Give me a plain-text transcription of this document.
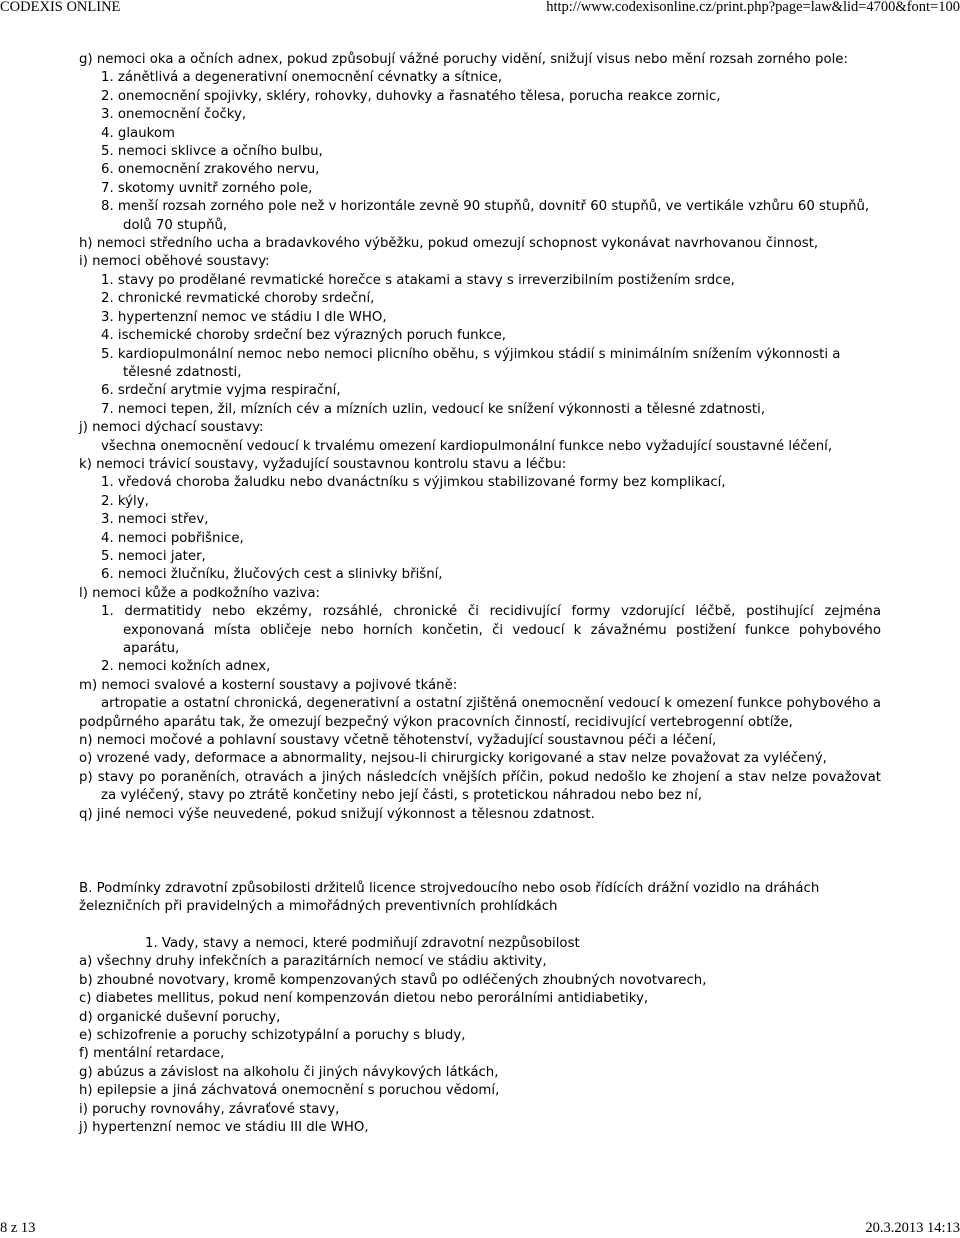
CODEXIS ONLINE	http://www.codexisonline.cz/print.php?page=law&lid=4700&font=100

g) nemoci oka a očních adnex, pokud způsobují vážné poruchy vidění, snižují visus nebo mění rozsah zorného pole:

1. zánětlivá a degenerativní onemocnění cévnatky a sítnice,

2. onemocnění spojivky, skléry, rohovky, duhovky a řasnatého tělesa, porucha reakce zornic,

3. onemocnění čočky,

4. glaukom

5. nemoci sklivce a očního bulbu,

6. onemocnění zrakového nervu,

7. skotomy uvnitř zorného pole,

8. menší rozsah zorného pole než v horizontále zevně 90 stupňů, dovnitř 60 stupňů, ve vertikále vzhůru 60 stupňů, dolů 70 stupňů,

h) nemoci středního ucha a bradavkového výběžku, pokud omezují schopnost vykonávat navrhovanou činnost,

i) nemoci oběhové soustavy:

1. stavy po prodělané revmatické horečce s atakami a stavy s irreverzibilním postižením srdce,

2. chronické revmatické choroby srdeční,

3. hypertenzní nemoc ve stádiu I dle WHO,

4. ischemické choroby srdeční bez výrazných poruch funkce,

5. kardiopulmonální nemoc nebo nemoci plicního oběhu, s výjimkou stádií s minimálním snížením výkonnosti a tělesné zdatnosti,

6. srdeční arytmie vyjma respirační,

7. nemoci tepen, žil, mízních cév a mízních uzlin, vedoucí ke snížení výkonnosti a tělesné zdatnosti,

j) nemoci dýchací soustavy:

všechna onemocnění vedoucí k trvalému omezení kardiopulmonální funkce nebo vyžadující soustavné léčení,

k) nemoci trávicí soustavy, vyžadující soustavnou kontrolu stavu a léčbu:

1. vředová choroba žaludku nebo dvanáctníku s výjimkou stabilizované formy bez komplikací,

2. kýly,

3. nemoci střev,

4. nemoci pobřišnice,

5. nemoci jater,

6. nemoci žlučníku, žlučových cest a slinivky břišní,

l) nemoci kůže a podkožního vaziva:

1. dermatitidy nebo ekzémy, rozsáhlé, chronické či recidivující formy vzdorující léčbě, postihující zejména exponovaná místa obličeje nebo horních končetin, či vedoucí k závažnému postižení funkce pohybového aparátu,

2. nemoci kožních adnex,

m) nemoci svalové a kosterní soustavy a pojivové tkáně:

artropatie a ostatní chronická, degenerativní a ostatní zjištěná onemocnění vedoucí k omezení funkce pohybového a podpůrného aparátu tak, že omezují bezpečný výkon pracovních činností, recidivující vertebrogenní obtíže,

n) nemoci močové a pohlavní soustavy včetně těhotenství, vyžadující soustavnou péči a léčení,

o) vrozené vady, deformace a abnormality, nejsou-li chirurgicky korigované a stav nelze považovat za vyléčený,

p) stavy po poraněních, otravách a jiných následcích vnějších příčin, pokud nedošlo ke zhojení a stav nelze považovat za vyléčený, stavy po ztrátě končetiny nebo její části, s protetickou náhradou nebo bez ní,

q) jiné nemoci výše neuvedené, pokud snižují výkonnost a tělesnou zdatnost.

B. Podmínky zdravotní způsobilosti držitelů licence strojvedoucího nebo osob řídících drážní vozidlo na dráhách železničních při pravidelných a mimořádných preventivních prohlídkách

1. Vady, stavy a nemoci, které podmiňují zdravotní nezpůsobilost

a) všechny druhy infekčních a parazitárních nemocí ve stádiu aktivity,

b) zhoubné novotvary, kromě kompenzovaných stavů po odléčených zhoubných novotvarech,

c) diabetes mellitus, pokud není kompenzován dietou nebo perorálními antidiabetiky,

d) organické duševní poruchy,

e) schizofrenie a poruchy schizotypální a poruchy s bludy,

f) mentální retardace,

g) abúzus a závislost na alkoholu či jiných návykových látkách,

h) epilepsie a jiná záchvatová onemocnění s poruchou vědomí,

i) poruchy rovnováhy, závraťové stavy,

j) hypertenzní nemoc ve stádiu III dle WHO,

8 z 13	20.3.2013 14:13
